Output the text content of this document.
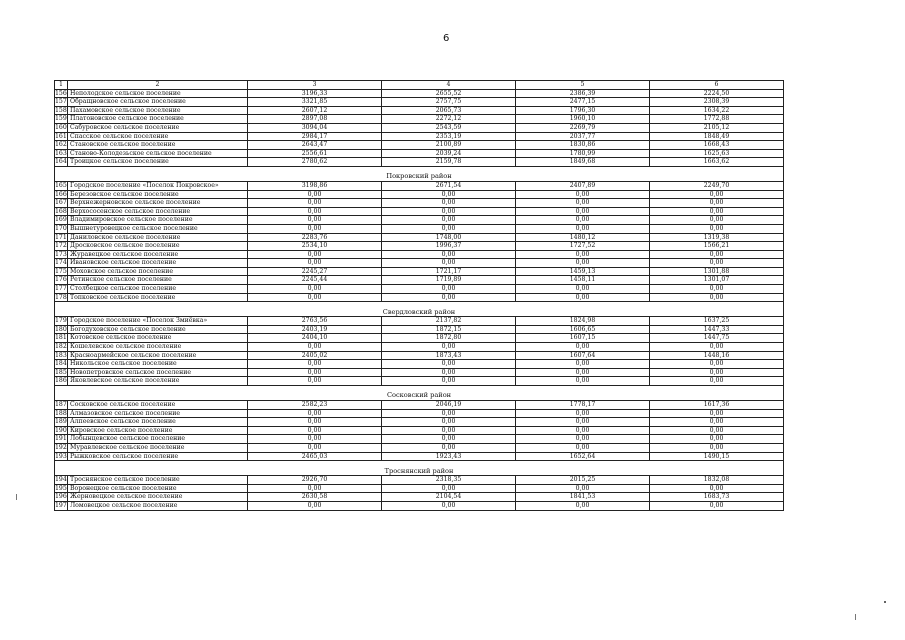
6
1	2	3	4	5	6
156	Неполодское сельское поселение	3196,33	2655,52	2386,39	2224,50
157	Обращновское сельское поселение	3321,85	2757,75	2477,15	2308,39
158	Пахамовское сельское поселение	2607,12	2065,73	1796,30	1634,22
159	Платоновское сельское поселение	2897,08	2272,12	1960,10	1772,88
160	Сабуровское сельское поселение	3094,04	2543,59	2269,79	2105,12
161	Спасское сельское поселение	2984,17	2353,19	2037,77	1848,49
162	Становское сельское поселение	2643,47	2100,89	1830,86	1668,43
163	Станово-Колодезьское сельское поселение	2556,61	2039,24	1780,99	1625,63
164	Троицкое сельское поселение	2780,62	2159,78	1849,68	1663,62
Покровский район					
165	Городское поселение «Поселок Покровское»	3198,86	2671,54	2407,89	2249,70
166	Березовское сельское поселение	0,00	0,00	0,00	0,00
167	Верхнежерновское сельское поселение	0,00	0,00	0,00	0,00
168	Верхососенское сельское поселение	0,00	0,00	0,00	0,00
169	Владимировское сельское поселение	0,00	0,00	0,00	0,00
170	Вышнетуровецкое сельское поселение	0,00	0,00	0,00	0,00
171	Даниловское сельское поселение	2283,76	1748,00	1480,12	1319,38
172	Дросковское сельское поселение	2534,10	1996,37	1727,52	1566,21
173	Журавецкое сельское поселение	0,00	0,00	0,00	0,00
174	Ивановское сельское поселение	0,00	0,00	0,00	0,00
175	Моховское сельское поселение	2245,27	1721,17	1459,13	1301,88
176	Ретинское сельское поселение	2245,44	1719,89	1458,11	1301,07
177	Столбецкое сельское поселение	0,00	0,00	0,00	0,00
178	Топковское сельское поселение	0,00	0,00	0,00	0,00
Свердловский район					
179	Городское поселение «Поселок Змиёвка»	2763,56	2137,82	1824,98	1637,25
180	Богодуховское сельское поселение	2403,19	1872,15	1606,65	1447,33
181	Котовское сельское поселение	2404,10	1872,80	1607,15	1447,75
182	Кошелевское сельское поселение	0,00	0,00	0,00	0,00
183	Красноармейское сельское поселение	2405,02	1873,43	1607,64	1448,16
184	Никольское сельское поселение	0,00	0,00	0,00	0,00
185	Новопетровское сельское поселение	0,00	0,00	0,00	0,00
186	Яковлевское сельское поселение	0,00	0,00	0,00	0,00
Сосковский район					
187	Сосковское сельское поселение	2582,23	2046,19	1778,17	1617,36
188	Алмазовское сельское поселение	0,00	0,00	0,00	0,00
189	Алпеевское сельское поселение	0,00	0,00	0,00	0,00
190	Кировское сельское поселение	0,00	0,00	0,00	0,00
191	Лобынцевское сельское поселение	0,00	0,00	0,00	0,00
192	Муравлевское сельское поселение	0,00	0,00	0,00	0,00
193	Рыжковское сельское поселение	2465,03	1923,43	1652,64	1490,15
Троснянский район					
194	Троснянское сельское поселение	2926,70	2318,35	2015,25	1832,08
195	Воронецкое сельское поселение	0,00	0,00	0,00	0,00
196	Жерновецкое сельское поселение	2630,58	2104,54	1841,53	1683,73
197	Ломовецкое сельское поселение	0,00	0,00	0,00	0,00
